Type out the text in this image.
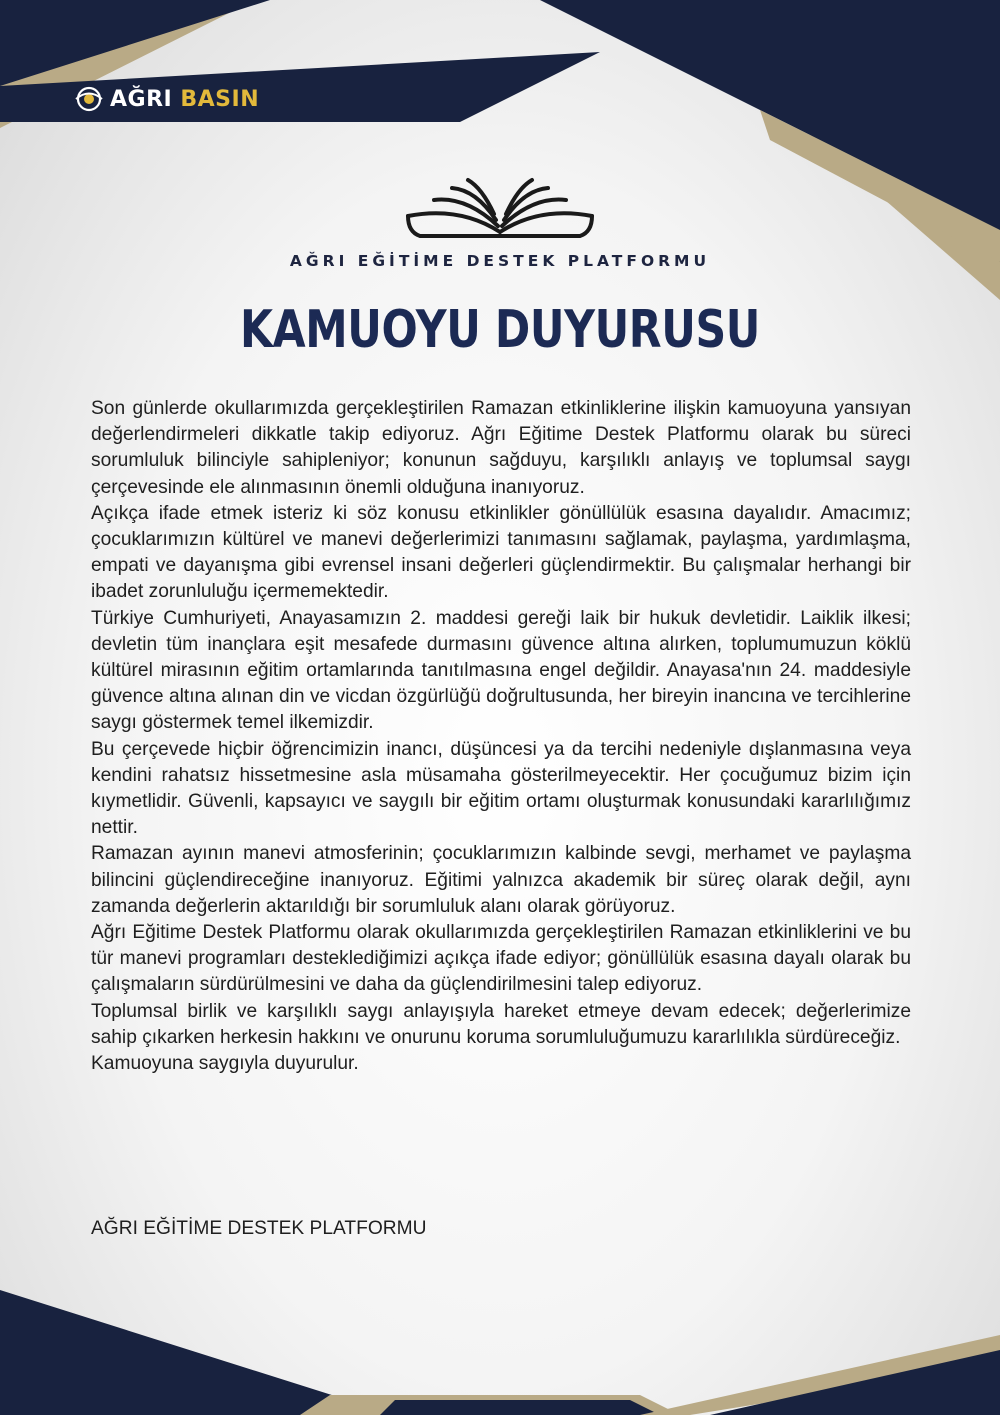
AĞRI BASIN
AĞRI EĞİTİME DESTEK PLATFORMU
KAMUOYU DUYURUSU

Son günlerde okullarımızda gerçekleştirilen Ramazan etkinliklerine ilişkin kamuoyuna yansıyan değerlendirmeleri dikkatle takip ediyoruz. Ağrı Eğitime Destek Platformu olarak bu süreci sorumluluk bilinciyle sahipleniyor; konunun sağduyu, karşılıklı anlayış ve toplumsal saygı çerçevesinde ele alınmasının önemli olduğuna inanıyoruz.

Açıkça ifade etmek isteriz ki söz konusu etkinlikler gönüllülük esasına dayalıdır. Amacımız; çocuklarımızın kültürel ve manevi değerlerimizi tanımasını sağlamak, paylaşma, yardımlaşma, empati ve dayanışma gibi evrensel insani değerleri güçlendirmektir. Bu çalışmalar herhangi bir ibadet zorunluluğu içermemektedir.

Türkiye Cumhuriyeti, Anayasamızın 2. maddesi gereği laik bir hukuk devletidir. Laiklik ilkesi; devletin tüm inançlara eşit mesafede durmasını güvence altına alırken, toplumumuzun köklü kültürel mirasının eğitim ortamlarında tanıtılmasına engel değildir. Anayasa'nın 24. maddesiyle güvence altına alınan din ve vicdan özgürlüğü doğrultusunda, her bireyin inancına ve tercihlerine saygı göstermek temel ilkemizdir.

Bu çerçevede hiçbir öğrencimizin inancı, düşüncesi ya da tercihi nedeniyle dışlanmasına veya kendini rahatsız hissetmesine asla müsamaha gösterilmeyecektir. Her çocuğumuz bizim için kıymetlidir. Güvenli, kapsayıcı ve saygılı bir eğitim ortamı oluşturmak konusundaki kararlılığımız nettir.

Ramazan ayının manevi atmosferinin; çocuklarımızın kalbinde sevgi, merhamet ve paylaşma bilincini güçlendireceğine inanıyoruz. Eğitimi yalnızca akademik bir süreç olarak değil, aynı zamanda değerlerin aktarıldığı bir sorumluluk alanı olarak görüyoruz.

Ağrı Eğitime Destek Platformu olarak okullarımızda gerçekleştirilen Ramazan etkinliklerini ve bu tür manevi programları desteklediğimizi açıkça ifade ediyor; gönüllülük esasına dayalı olarak bu çalışmaların sürdürülmesini ve daha da güçlendirilmesini talep ediyoruz.

Toplumsal birlik ve karşılıklı saygı anlayışıyla hareket etmeye devam edecek; değerlerimize sahip çıkarken herkesin hakkını ve onurunu koruma sorumluluğumuzu kararlılıkla sürdüreceğiz.

Kamuoyuna saygıyla duyurulur.

AĞRI EĞİTİME DESTEK PLATFORMU
